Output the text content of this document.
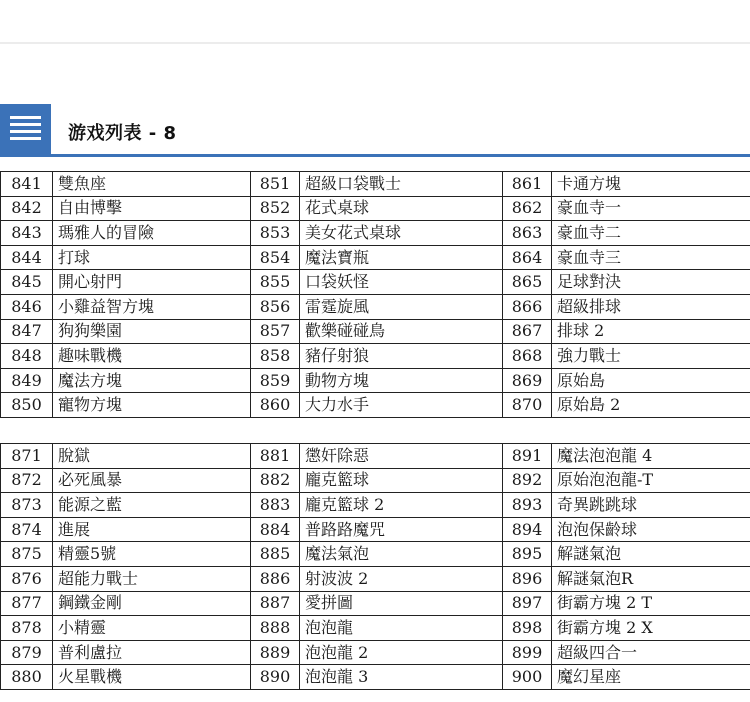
游戏列表 - 8
841	雙魚座	851	超級口袋戰士	861	卡通方塊
842	自由博擊	852	花式桌球	862	豪血寺一
843	瑪雅人的冒險	853	美女花式桌球	863	豪血寺二
844	打球	854	魔法寶瓶	864	豪血寺三
845	開心射門	855	口袋妖怪	865	足球對決
846	小雞益智方塊	856	雷霆旋風	866	超級排球
847	狗狗樂園	857	歡樂碰碰鳥	867	排球 2
848	趣味戰機	858	豬仔射狼	868	強力戰士
849	魔法方塊	859	動物方塊	869	原始島
850	寵物方塊	860	大力水手	870	原始島 2
871	脫獄	881	懲奸除惡	891	魔法泡泡龍 4
872	必死風暴	882	龐克籃球	892	原始泡泡龍-T
873	能源之藍	883	龐克籃球 2	893	奇異跳跳球
874	進展	884	普路路魔咒	894	泡泡保齡球
875	精靈5號	885	魔法氣泡	895	解謎氣泡
876	超能力戰士	886	射波波 2	896	解謎氣泡R
877	鋼鐵金剛	887	愛拼圖	897	街霸方塊 2 T
878	小精靈	888	泡泡龍	898	街霸方塊 2 X
879	普利盧拉	889	泡泡龍 2	899	超級四合一
880	火星戰機	890	泡泡龍 3	900	魔幻星座
